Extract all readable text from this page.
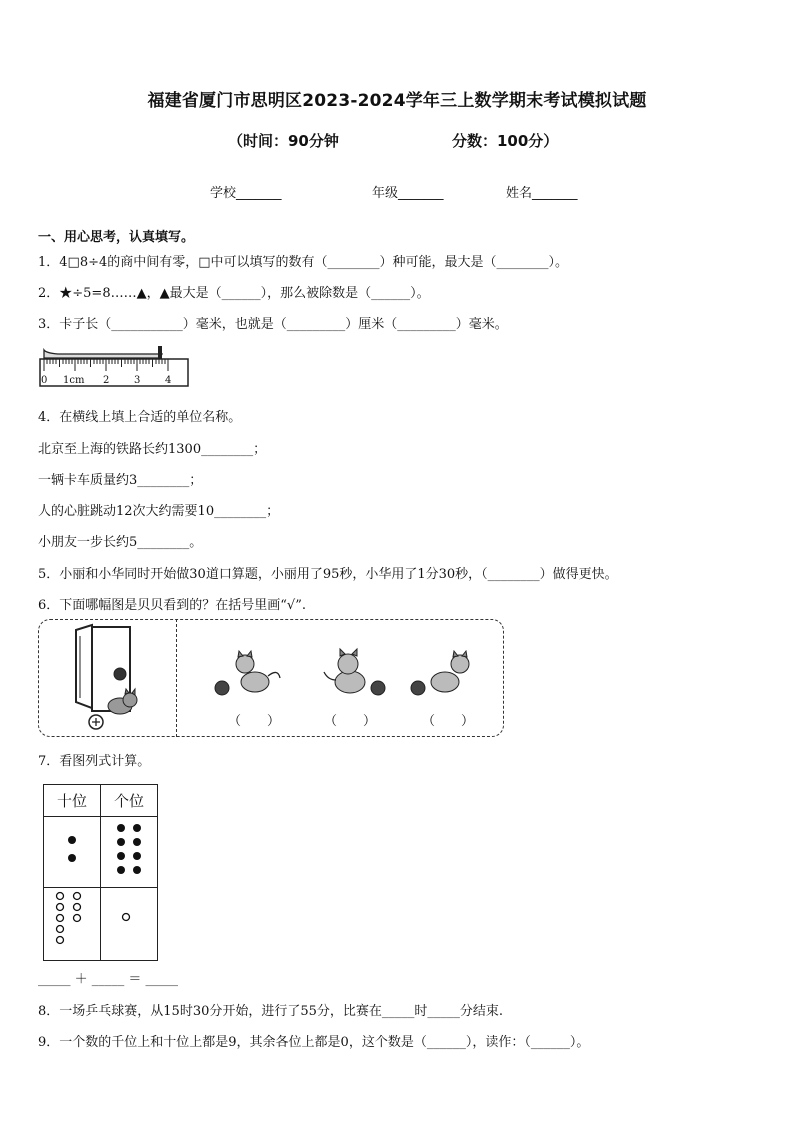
福建省厦门市思明区2023-2024学年三上数学期末考试模拟试题
（时间：90分钟	分数：100分）
学校_______	年级_______	姓名_______
一、用心思考，认真填写。
1．4□8÷4的商中间有零，□中可以填写的数有（________）种可能，最大是（________）。
2．★÷5=8……▲，▲最大是（______），那么被除数是（______）。
3．卡子长（___________）毫米，也就是（_________）厘米（_________）毫米。
0 1cm 2 3 4
4．在横线上填上合适的单位名称。
北京至上海的铁路长约1300________；
一辆卡车质量约3________；
人的心脏跳动12次大约需要10________；
小朋友一步长约5________。
5．小丽和小华同时开始做30道口算题，小丽用了95秒，小华用了1分30秒，（________）做得更快。
6．下面哪幅图是贝贝看到的？在括号里画“√”.
（　　）	（　　）	（　　）
7．看图列式计算。
十位	个位

_____ ＋ _____ ＝ _____
8．一场乒乓球赛，从15时30分开始，进行了55分，比赛在_____时_____分结束.
9．一个数的千位上和十位上都是9，其余各位上都是0，这个数是（______），读作：（______）。
